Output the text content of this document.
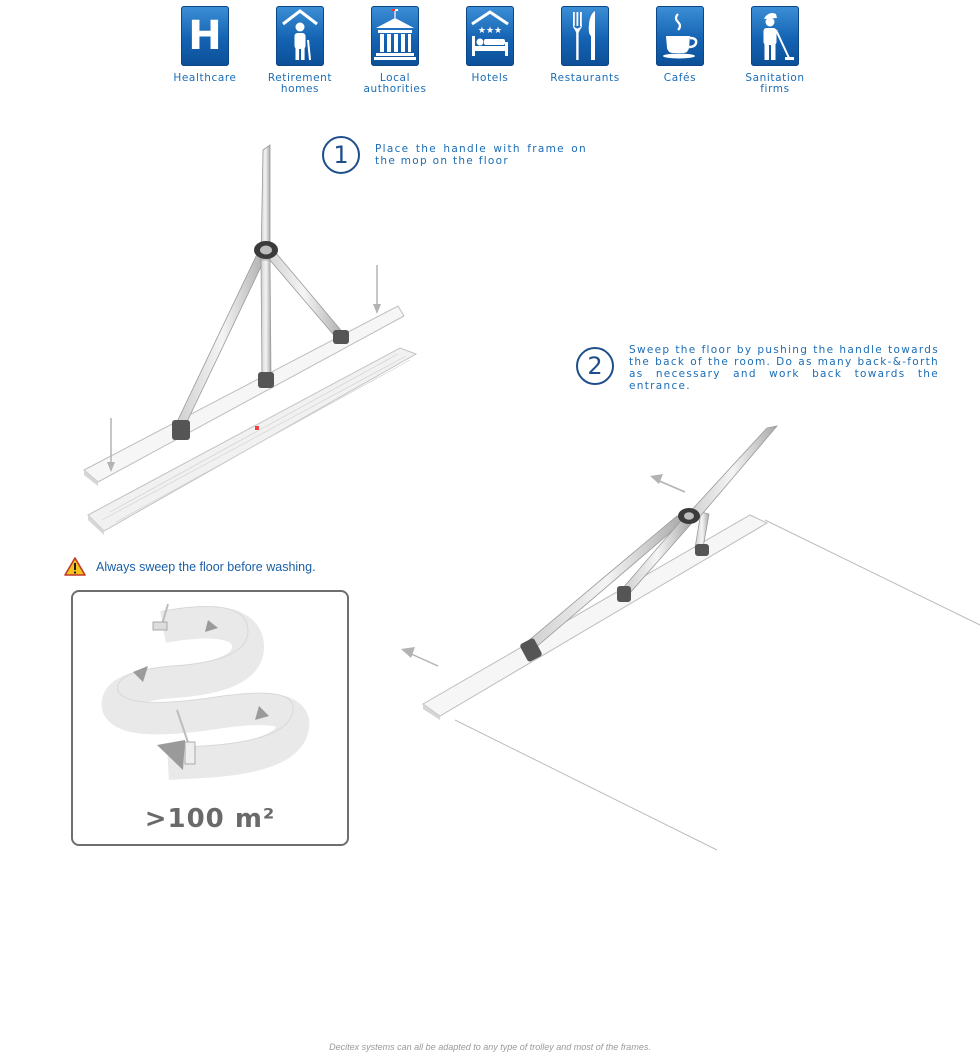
H
Healthcare	Retirement homes
Local authorities
★★★
Hotels	Restaurants	Cafés	Sanitation firms
1	Place the handle with frame on the mop on the floor
2
Sweep the floor by pushing the handle towards the back of the room. Do as many back-&-forth as necessary and work back towards the entrance.
Always sweep the floor before washing.
>100 m²
Decitex systems can all be adapted to any type of trolley and most of the frames.
